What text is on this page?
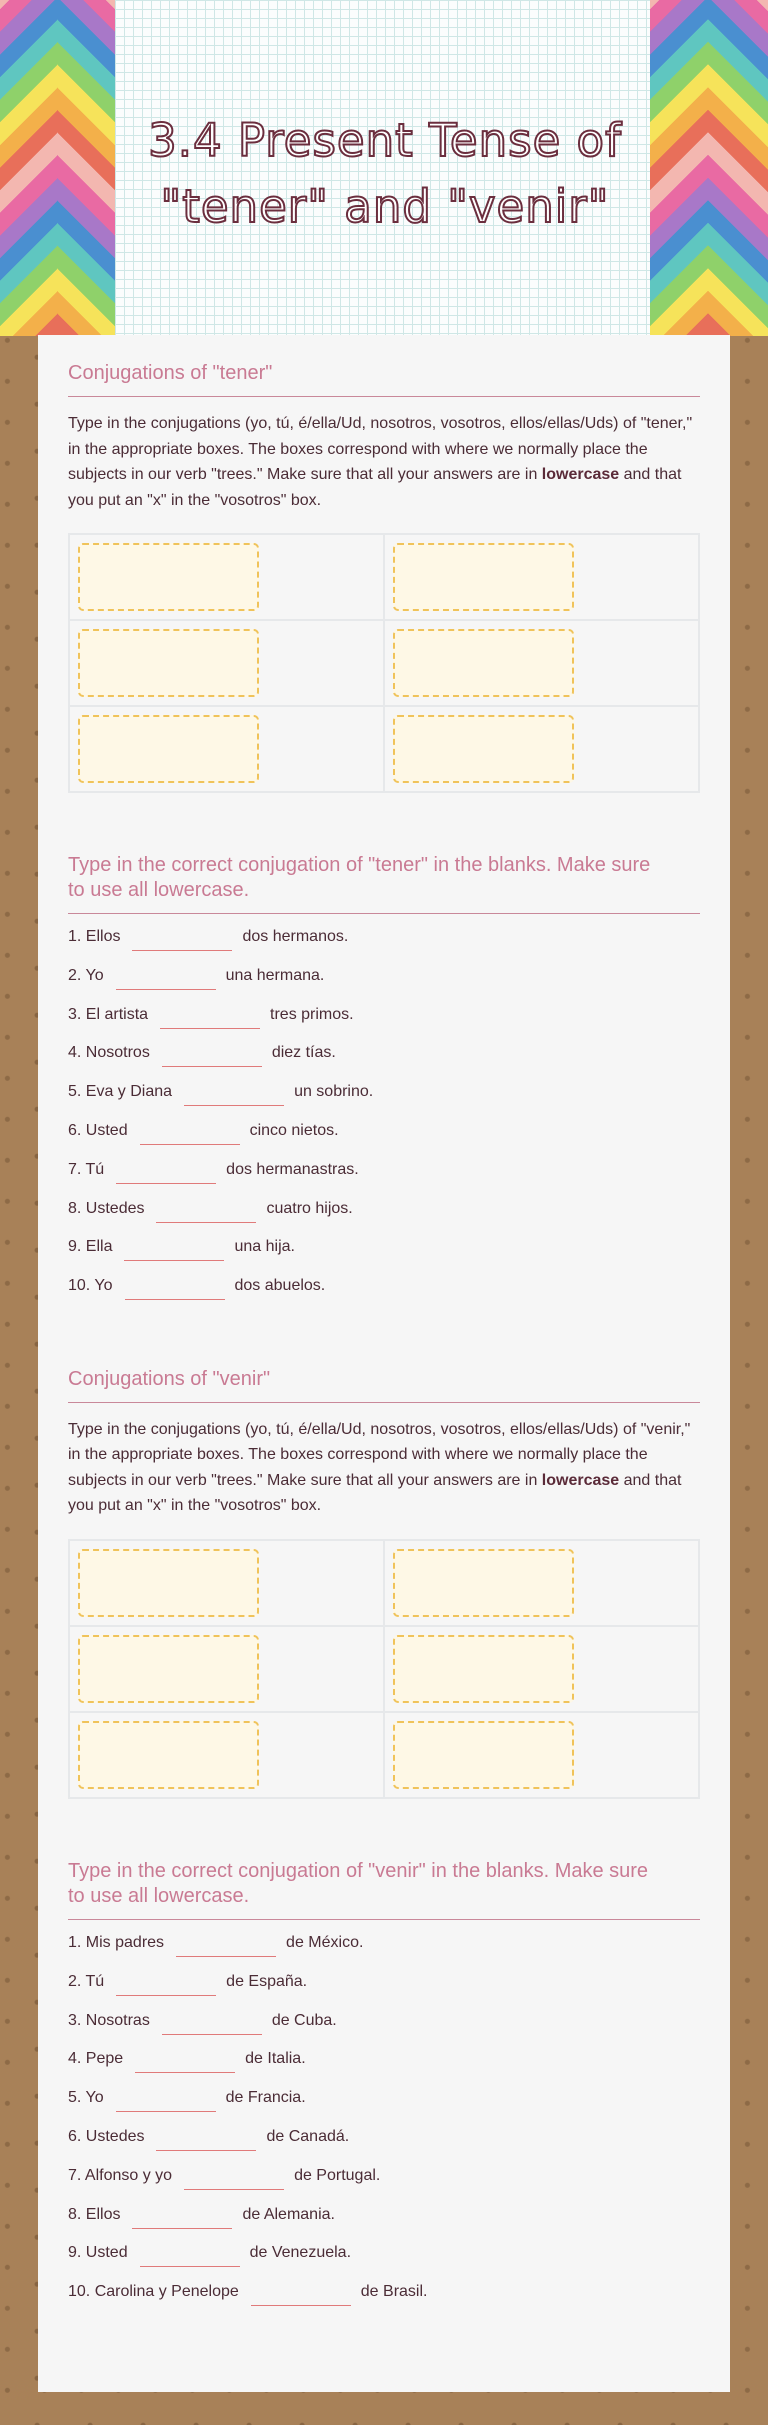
3.4 Present Tense of "tener" and "venir"
Conjugations of "tener"

Type in the conjugations (yo, tú, é/ella/Ud, nosotros, vosotros, ellos/ellas/Uds) of "tener," in the appropriate boxes. The boxes correspond with where we normally place the subjects in our verb "trees." Make sure that all your answers are in lowercase and that you put an "x" in the "vosotros" box.

Type in the correct conjugation of "tener" in the blanks. Make sure to use all lowercase.
1. Ellos	dos hermanos.
2. Yo	una hermana.
3. El artista	tres primos.
4. Nosotros	diez tías.
5. Eva y Diana	un sobrino.
6. Usted	cinco nietos.
7. Tú	dos hermanastras.
8. Ustedes	cuatro hijos.
9. Ella	una hija.
10. Yo	dos abuelos.
Conjugations of "venir"

Type in the conjugations (yo, tú, é/ella/Ud, nosotros, vosotros, ellos/ellas/Uds) of "venir," in the appropriate boxes. The boxes correspond with where we normally place the subjects in our verb "trees." Make sure that all your answers are in lowercase and that you put an "x" in the "vosotros" box.

Type in the correct conjugation of "venir" in the blanks. Make sure to use all lowercase.
1. Mis padres	de México.
2. Tú	de España.
3. Nosotras	de Cuba.
4. Pepe	de Italia.
5. Yo	de Francia.
6. Ustedes	de Canadá.
7. Alfonso y yo	de Portugal.
8. Ellos	de Alemania.
9. Usted	de Venezuela.
10. Carolina y Penelope	de Brasil.
